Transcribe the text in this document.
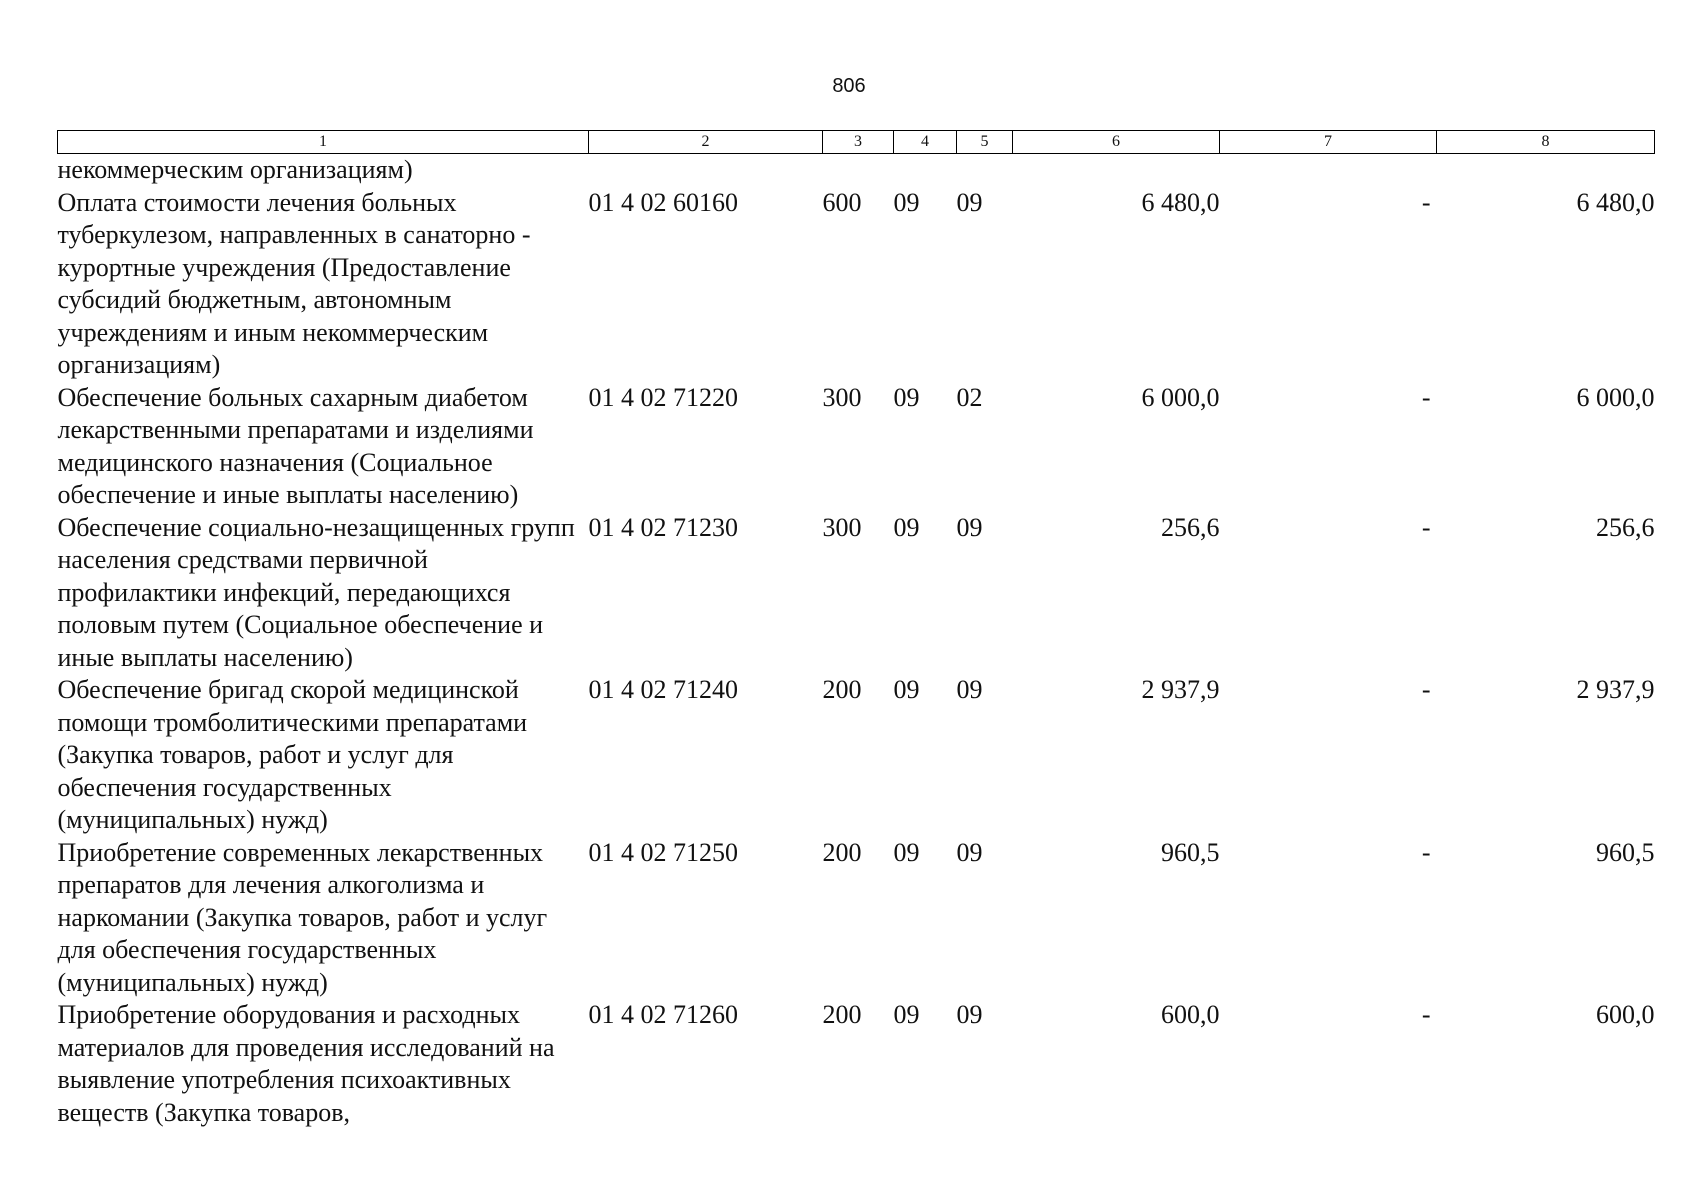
806
1	2	3	4	5	6	7	8
некоммерческим организациям)							
Оплата стоимости лечения больных туберкулезом, направленных в санаторно - курортные учреждения (Предоставление субсидий бюджетным, автономным учреждениям и иным некоммерческим организациям)	01 4 02 60160	600	09	09	6 480,0	-	6 480,0
Обеспечение больных сахарным диабетом лекарственными препаратами и изделиями медицинского назначения (Социальное обеспечение и иные выплаты населению)	01 4 02 71220	300	09	02	6 000,0	-	6 000,0
Обеспечение социально-незащищенных групп населения средствами первичной профилактики инфекций, передающихся половым путем (Социальное обеспечение и иные выплаты населению)	01 4 02 71230	300	09	09	256,6	-	256,6
Обеспечение бригад скорой медицинской помощи тромболитическими препаратами (Закупка товаров, работ и услуг для обеспечения государственных (муниципальных) нужд)	01 4 02 71240	200	09	09	2 937,9	-	2 937,9
Приобретение современных лекарственных препаратов для лечения алкоголизма и наркомании (Закупка товаров, работ и услуг для обеспечения государственных (муниципальных) нужд)	01 4 02 71250	200	09	09	960,5	-	960,5
Приобретение оборудования и расходных материалов для проведения исследований на выявление употребления психоактивных веществ (Закупка товаров,	01 4 02 71260	200	09	09	600,0	-	600,0
